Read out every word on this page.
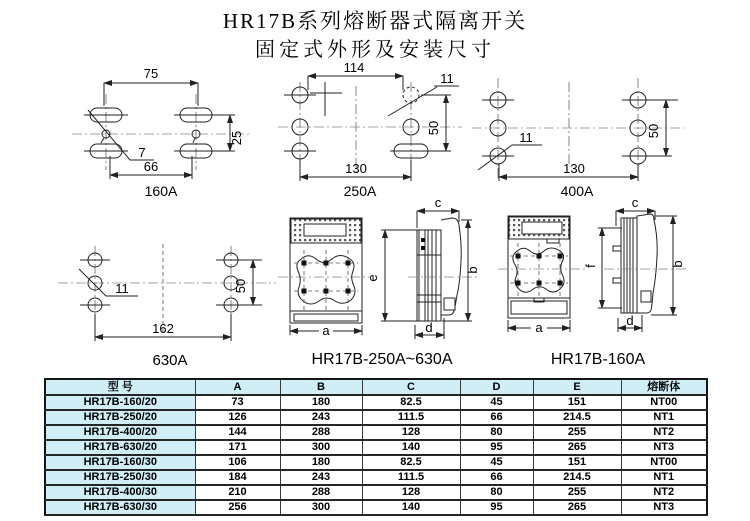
HR17B系列熔断器式隔离开关
固定式外形及安装尺寸
75
25
66
7
160A
114
11
50
130
250A
50
130
11
400A
50
162
11
630A
a
c
e
b
d
HR17B-250A~630A
a
c
f	b
d
HR17B-160A
型 号	A	B	C	D	E	熔断体
HR17B-160/20	73	180	82.5	45	151	NT00
HR17B-250/20	126	243	111.5	66	214.5	NT1
HR17B-400/20	144	288	128	80	255	NT2
HR17B-630/20	171	300	140	95	265	NT3
HR17B-160/30	106	180	82.5	45	151	NT00
HR17B-250/30	184	243	111.5	66	214.5	NT1
HR17B-400/30	210	288	128	80	255	NT2
HR17B-630/30	256	300	140	95	265	NT3
